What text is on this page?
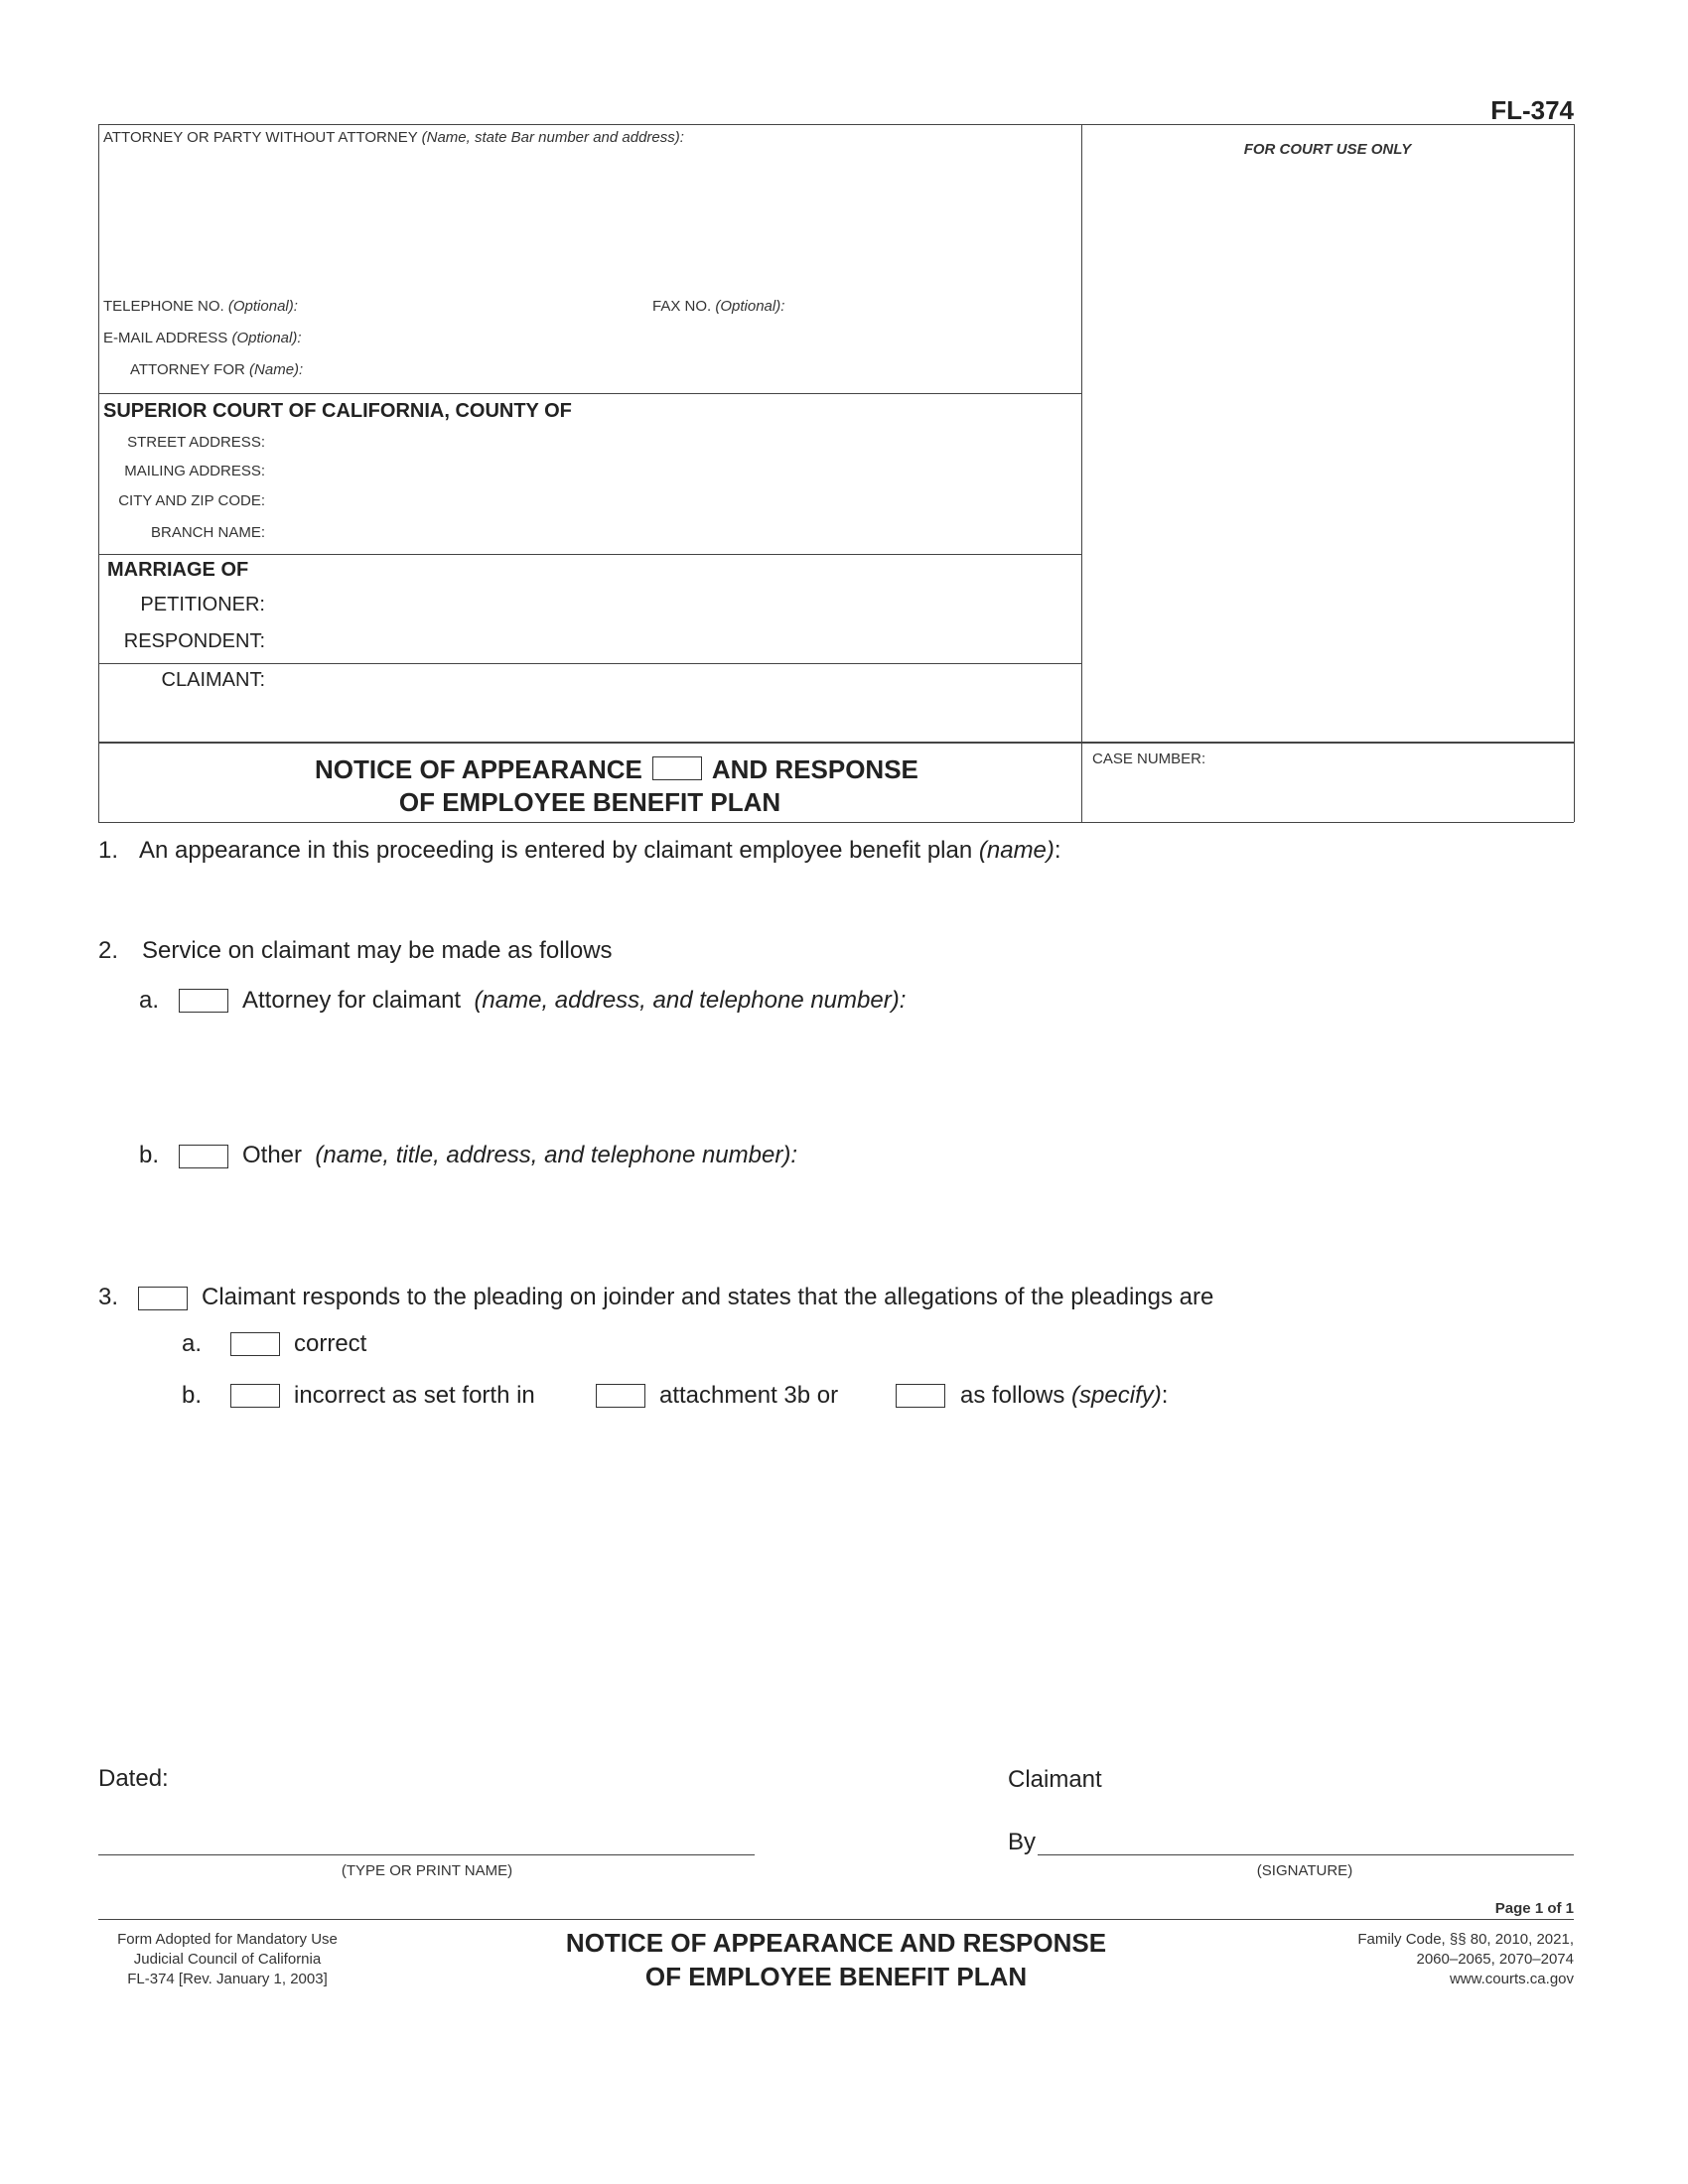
FL-374
ATTORNEY OR PARTY WITHOUT ATTORNEY (Name, state Bar number and address):
FOR COURT USE ONLY
TELEPHONE NO. (Optional):	FAX NO. (Optional):
E-MAIL ADDRESS (Optional):
ATTORNEY FOR (Name):
SUPERIOR COURT OF CALIFORNIA, COUNTY OF
STREET ADDRESS:
MAILING ADDRESS:
CITY AND ZIP CODE:
BRANCH NAME:
MARRIAGE OF
PETITIONER:
RESPONDENT:
CLAIMANT:
NOTICE OF APPEARANCE	AND RESPONSE
OF EMPLOYEE BENEFIT PLAN
CASE NUMBER:
1. An appearance in this proceeding is entered by claimant employee benefit plan (name):
2. Service on claimant may be made as follows
a.	Attorney for claimant (name, address, and telephone number):
b.	Other (name, title, address, and telephone number):
3.	Claimant responds to the pleading on joinder and states that the allegations of the pleadings are
a.	correct
b.	incorrect as set forth in	attachment 3b or	as follows (specify):
Dated:	Claimant
By
(TYPE OR PRINT NAME)	(SIGNATURE)
Page 1 of 1
Form Adopted for Mandatory Use
Judicial Council of California
FL-374 [Rev. January 1, 2003]
NOTICE OF APPEARANCE AND RESPONSE
OF EMPLOYEE BENEFIT PLAN
Family Code, §§ 80, 2010, 2021,
2060–2065, 2070–2074
www.courts.ca.gov
